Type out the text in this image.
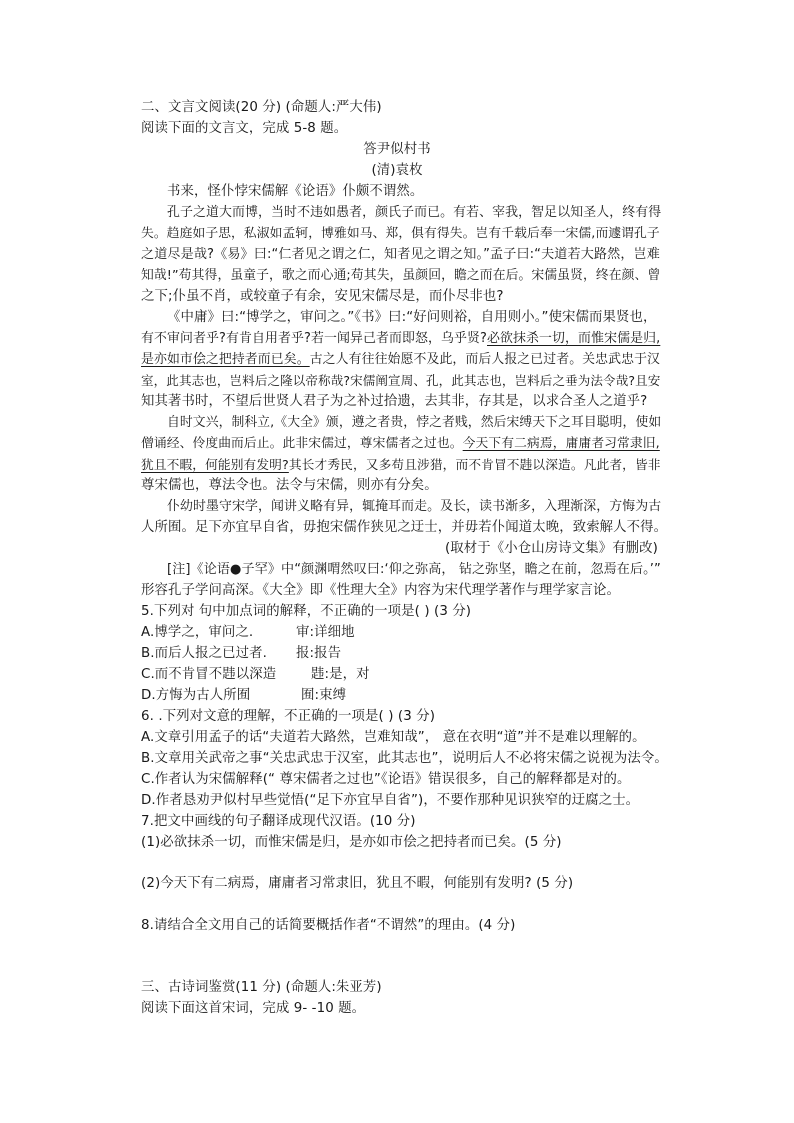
二、文言文阅读(20 分) (命题人:严大伟)
阅读下面的文言文，完成 5-8 题。
答尹似村书
(清)袁枚
书来，怪仆悖宋儒解《论语》仆颇不谓然。
孔子之道大而博，当时不违如愚者，颜氏子而已。有若、宰我，智足以知圣人，终有得
失。趋庭如子思，私淑如孟轲，博雅如马、郑，俱有得失。岂有千载后奉一宋儒,而遽谓孔子
之道尽是哉?《易》曰:“仁者见之谓之仁，知者见之谓之知。”孟子曰:“夫道若大路然，岂难
知哉!”苟其得，虽童子，歌之而心通;苟其失，虽颜回，瞻之而在后。宋儒虽贤，终在颜、曾
之下;仆虽不肖，或较童子有余，安见宋儒尽是，而仆尽非也?
《中庸》曰:“博学之，审问之。”《书》曰:“好问则裕，自用则小。”使宋儒而果贤也，
有不审问者乎?有肯自用者乎?若一闻异己者而即怒，乌乎贤?必欲抹杀一切，而惟宋儒是归,
是亦如市侩之把持者而已矣。古之人有往往始愿不及此，而后人报之已过者。关忠武忠于汉
室，此其志也，岂料后之隆以帝称哉?宋儒阐宣周、孔，此其志也，岂料后之垂为法令哉?且安
知其著书时，不望后世贤人君子为之补过拾遗，去其非，存其是，以求合圣人之道乎?
自时文兴，制科立,《大全》颁，遵之者贵，悖之者贱，然后宋缚天下之耳目聪明，使如
僧诵经、伶度曲而后止。此非宋儒过，尊宋儒者之过也。今天下有二病焉，庸庸者习常隶旧,
犹且不暇，何能别有发明?其长才秀民，又多苟且涉猎，而不肯冒不韪以深造。凡此者，皆非
尊宋儒也，尊法令也。法令与宋儒，则亦有分矣。
仆幼时墨守宋学，闻讲义略有异，辄掩耳而走。及长，读书渐多，入理渐深，方悔为古
人所囿。足下亦宜早自省，毋抱宋儒作狭见之迂士，并毋若仆闻道太晚，致索解人不得。
(取材于《小仓山房诗文集》有删改)
[注]《论语●子罕》中“颜渊喟然叹曰:‘仰之弥高， 钻之弥坚，瞻之在前，忽焉在后。’”
形容孔子学问高深。《大全》即《性理大全》内容为宋代理学著作与理学家言论。
5.下列对 句中加点词的解释，不正确的一项是( ) (3 分)
A.博学之，审问之.	审:详细地
B.而后人报之已过者. 报:报告
C.而不肯冒不韪以深造	韪:是，对
D.方悔为古人所囿	囿:束缚
6. .下列对文意的理解，不正确的一项是( ) (3 分)
A.文章引用孟子的话“夫道若大路然，岂难知哉”， 意在衣明“道”并不是难以理解的。
B.文章用关武帝之事“关忠武忠于汉室，此其志也”，说明后人不必将宋儒之说视为法令。
C.作者认为宋儒解释(“ 尊宋儒者之过也”《论语》错误很多，自己的解释都是对的。
D.作者恳劝尹似村早些觉悟(“足下亦宜早自省”)，不要作那种见识狭窄的迂腐之士。
7.把文中画线的句子翻译成现代汉语。(10 分)
(1)必欲抹杀一切，而惟宋儒是归，是亦如市侩之把持者而已矣。(5 分)
(2)今天下有二病焉，庸庸者习常隶旧，犹且不暇，何能别有发明? (5 分)
8.请结合全文用自己的话简要概括作者“不谓然”的理由。(4 分)
三、古诗词鉴赏(11 分) (命题人:朱亚芳)
阅读下面这首宋词，完成 9- -10 题。
